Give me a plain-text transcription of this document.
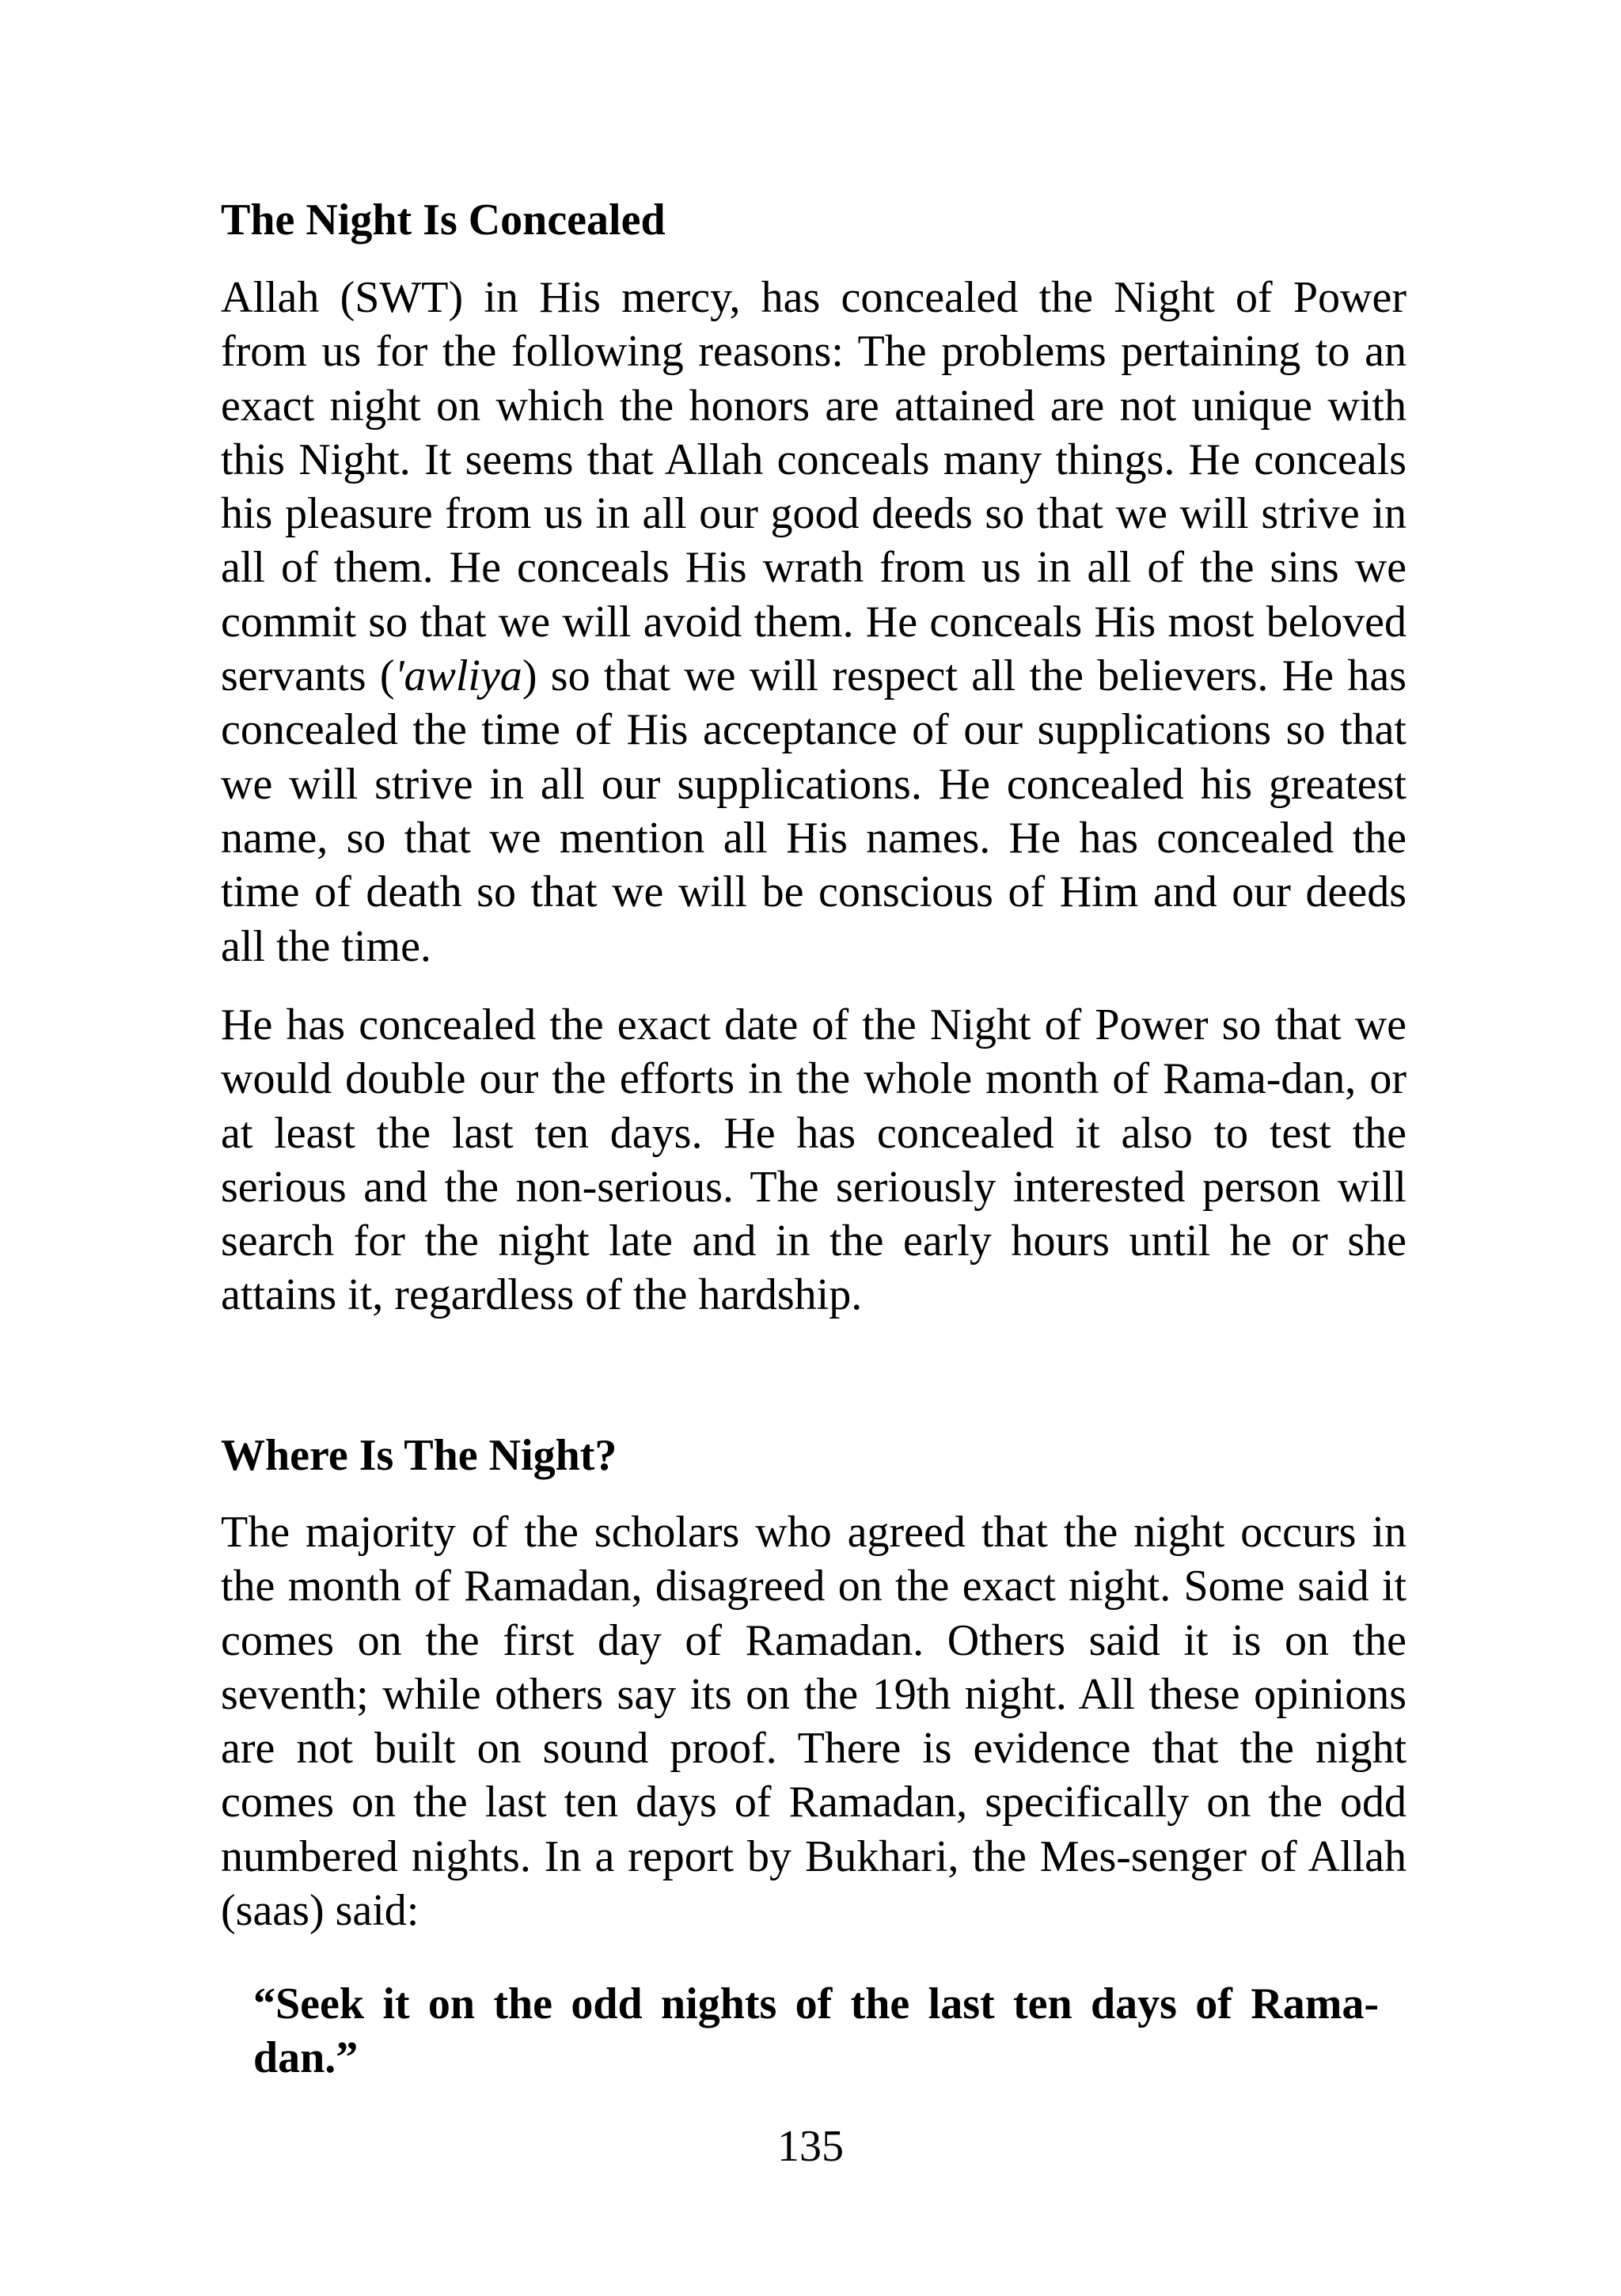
The Night Is Concealed

Allah (SWT) in His mercy, has concealed the Night of Power from us for the following reasons: The problems pertaining to an exact night on which the honors are attained are not unique with this Night. It seems that Allah conceals many things. He conceals his pleasure from us in all our good deeds so that we will strive in all of them. He conceals His wrath from us in all of the sins we commit so that we will avoid them. He conceals His most beloved servants ('awliya) so that we will respect all the believers. He has concealed the time of His acceptance of our supplications so that we will strive in all our supplications. He concealed his greatest name, so that we mention all His names. He has concealed the time of death so that we will be conscious of Him and our deeds all the time.

He has concealed the exact date of the Night of Power so that we would double our the efforts in the whole month of Rama-dan, or at least the last ten days. He has concealed it also to test the serious and the non-serious. The seriously interested person will search for the night late and in the early hours until he or she attains it, regardless of the hardship.

Where Is The Night?

The majority of the scholars who agreed that the night occurs in the month of Ramadan, disagreed on the exact night. Some said it comes on the first day of Ramadan. Others said it is on the seventh; while others say its on the 19th night. All these opinions are not built on sound proof. There is evidence that the night comes on the last ten days of Ramadan, specifically on the odd numbered nights. In a report by Bukhari, the Mes-senger of Allah (saas) said:

“Seek it on the odd nights of the last ten days of Rama-dan.”

135
